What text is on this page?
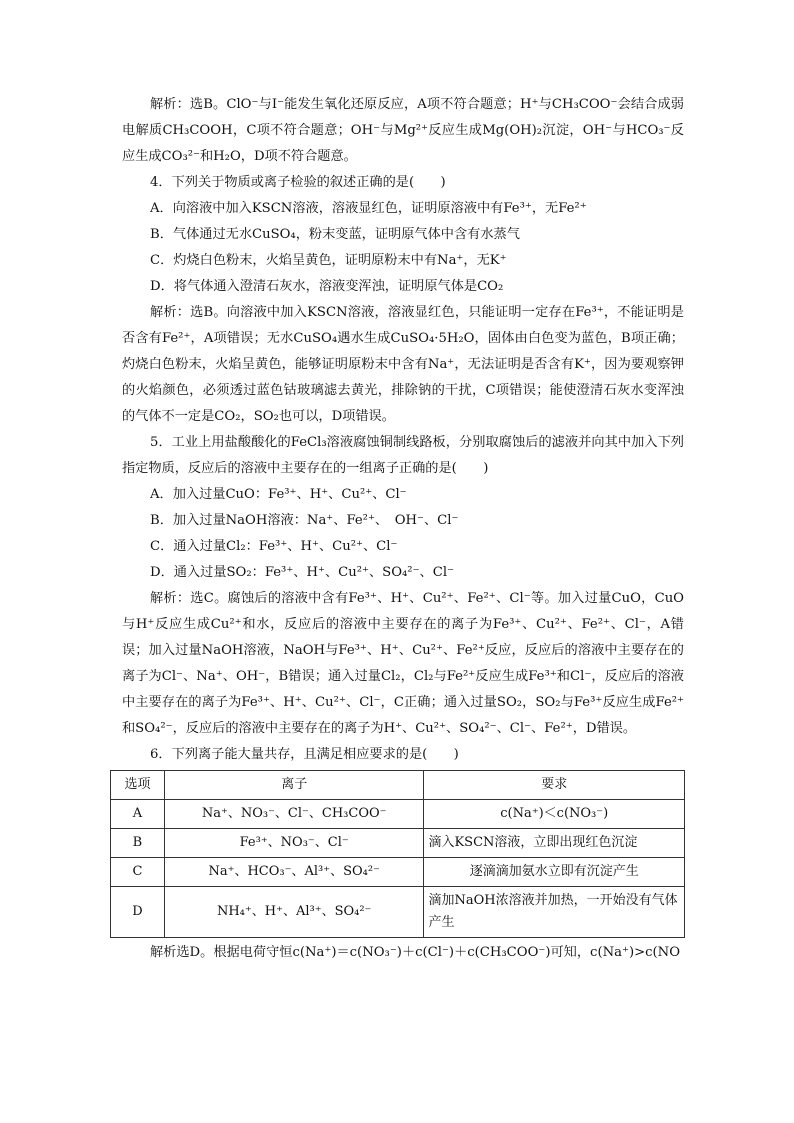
解析：选B。ClO⁻与I⁻能发生氧化还原反应，A项不符合题意；H⁺与CH₃COO⁻会结合成弱电解质CH₃COOH，C项不符合题意；OH⁻与Mg²⁺反应生成Mg(OH)₂沉淀，OH⁻与HCO₃⁻反应生成CO₃²⁻和H₂O，D项不符合题意。

4．下列关于物质或离子检验的叙述正确的是(　　)

A．向溶液中加入KSCN溶液，溶液显红色，证明原溶液中有Fe³⁺，无Fe²⁺

B．气体通过无水CuSO₄，粉末变蓝，证明原气体中含有水蒸气

C．灼烧白色粉末，火焰呈黄色，证明原粉末中有Na⁺，无K⁺

D．将气体通入澄清石灰水，溶液变浑浊，证明原气体是CO₂

解析：选B。向溶液中加入KSCN溶液，溶液显红色，只能证明一定存在Fe³⁺，不能证明是否含有Fe²⁺，A项错误；无水CuSO₄遇水生成CuSO₄·5H₂O，固体由白色变为蓝色，B项正确；灼烧白色粉末，火焰呈黄色，能够证明原粉末中含有Na⁺，无法证明是否含有K⁺，因为要观察钾的火焰颜色，必须透过蓝色钴玻璃滤去黄光，排除钠的干扰，C项错误；能使澄清石灰水变浑浊的气体不一定是CO₂，SO₂也可以，D项错误。

5．工业上用盐酸酸化的FeCl₃溶液腐蚀铜制线路板，分别取腐蚀后的滤液并向其中加入下列指定物质，反应后的溶液中主要存在的一组离子正确的是(　　)

A．加入过量CuO：Fe³⁺、H⁺、Cu²⁺、Cl⁻

B．加入过量NaOH溶液：Na⁺、Fe²⁺、　OH⁻、Cl⁻

C．通入过量Cl₂：Fe³⁺、H⁺、Cu²⁺、Cl⁻

D．通入过量SO₂：Fe³⁺、H⁺、Cu²⁺、SO₄²⁻、Cl⁻

解析：选C。腐蚀后的溶液中含有Fe³⁺、H⁺、Cu²⁺、Fe²⁺、Cl⁻等。加入过量CuO，CuO与H⁺反应生成Cu²⁺和水，反应后的溶液中主要存在的离子为Fe³⁺、Cu²⁺、Fe²⁺、Cl⁻，A错误；加入过量NaOH溶液，NaOH与Fe³⁺、H⁺、Cu²⁺、Fe²⁺反应，反应后的溶液中主要存在的离子为Cl⁻、Na⁺、OH⁻，B错误；通入过量Cl₂，Cl₂与Fe²⁺反应生成Fe³⁺和Cl⁻，反应后的溶液中主要存在的离子为Fe³⁺、H⁺、Cu²⁺、Cl⁻，C正确；通入过量SO₂，SO₂与Fe³⁺反应生成Fe²⁺和SO₄²⁻，反应后的溶液中主要存在的离子为H⁺、Cu²⁺、SO₄²⁻、Cl⁻、Fe²⁺，D错误。

6．下列离子能大量共存，且满足相应要求的是(　　)

选项	离子	要求
A	Na⁺、NO₃⁻、Cl⁻、CH₃COO⁻	c(Na⁺)＜c(NO₃⁻)
B	Fe³⁺、NO₃⁻、Cl⁻	滴入KSCN溶液，立即出现红色沉淀
C	Na⁺、HCO₃⁻、Al³⁺、SO₄²⁻	逐滴滴加氨水立即有沉淀产生
D	NH₄⁺、H⁺、Al³⁺、SO₄²⁻	滴加NaOH浓溶液并加热，一开始没有气体产生

解析选D。根据电荷守恒c(Na⁺)＝c(NO₃⁻)＋c(Cl⁻)＋c(CH₃COO⁻)可知，c(Na⁺)>c(NO
